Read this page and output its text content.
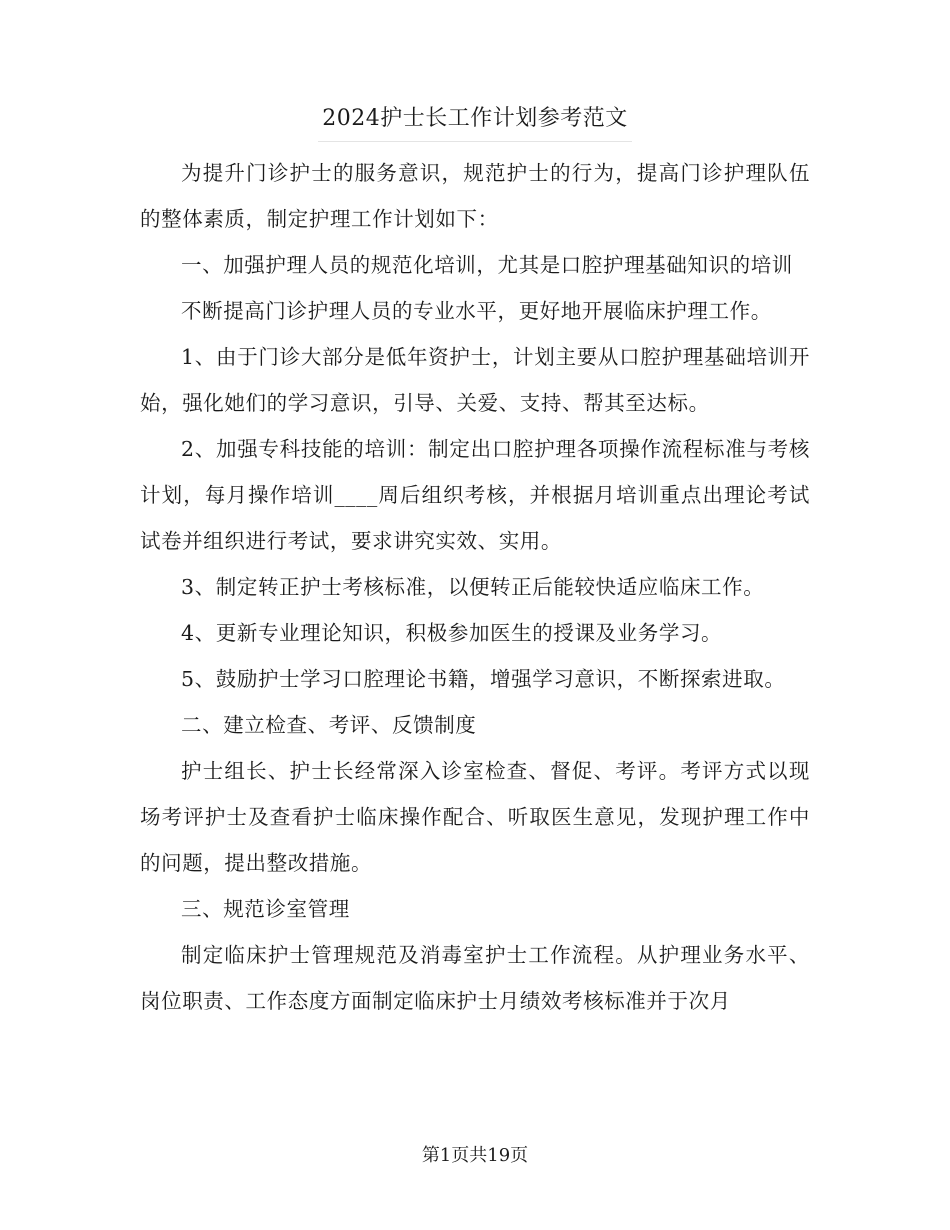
2024护士长工作计划参考范文

为提升门诊护士的服务意识，规范护士的行为，提高门诊护理队伍的整体素质，制定护理工作计划如下：

一、加强护理人员的规范化培训，尤其是口腔护理基础知识的培训

不断提高门诊护理人员的专业水平，更好地开展临床护理工作。

1、由于门诊大部分是低年资护士，计划主要从口腔护理基础培训开始，强化她们的学习意识，引导、关爱、支持、帮其至达标。

2、加强专科技能的培训：制定出口腔护理各项操作流程标准与考核计划，每月操作培训____周后组织考核，并根据月培训重点出理论考试试卷并组织进行考试，要求讲究实效、实用。

3、制定转正护士考核标准，以便转正后能较快适应临床工作。

4、更新专业理论知识，积极参加医生的授课及业务学习。

5、鼓励护士学习口腔理论书籍，增强学习意识，不断探索进取。

二、建立检查、考评、反馈制度

护士组长、护士长经常深入诊室检查、督促、考评。考评方式以现场考评护士及查看护士临床操作配合、听取医生意见，发现护理工作中的问题，提出整改措施。

三、规范诊室管理

制定临床护士管理规范及消毒室护士工作流程。从护理业务水平、岗位职责、工作态度方面制定临床护士月绩效考核标准并于次月

第1页共19页
